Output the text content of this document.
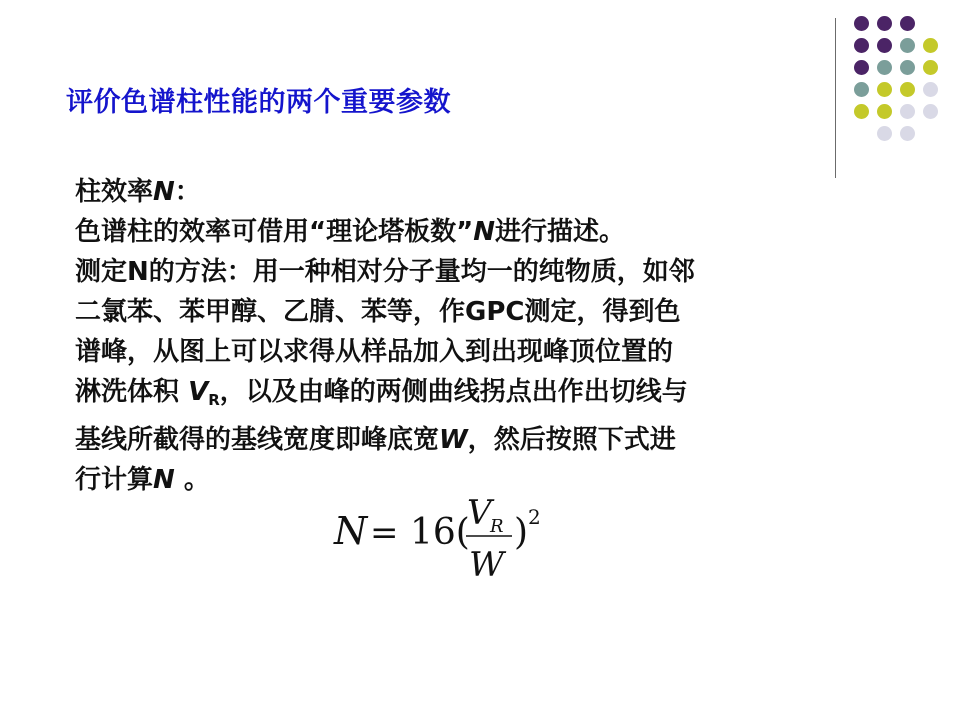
评价色谱柱性能的两个重要参数
柱效率N：
色谱柱的效率可借用“理论塔板数”N进行描述。
测定N的方法：用一种相对分子量均一的纯物质，如邻
二氯苯、苯甲醇、乙腈、苯等，作GPC测定，得到色
谱峰，从图上可以求得从样品加入到出现峰顶位置的
淋洗体积 $V_R$，以及由峰的两侧曲线拐点出作出切线与
基线所截得的基线宽度即峰底宽W，然后按照下式进
行计算N 。
N = 16(
V
R
W
) 2
